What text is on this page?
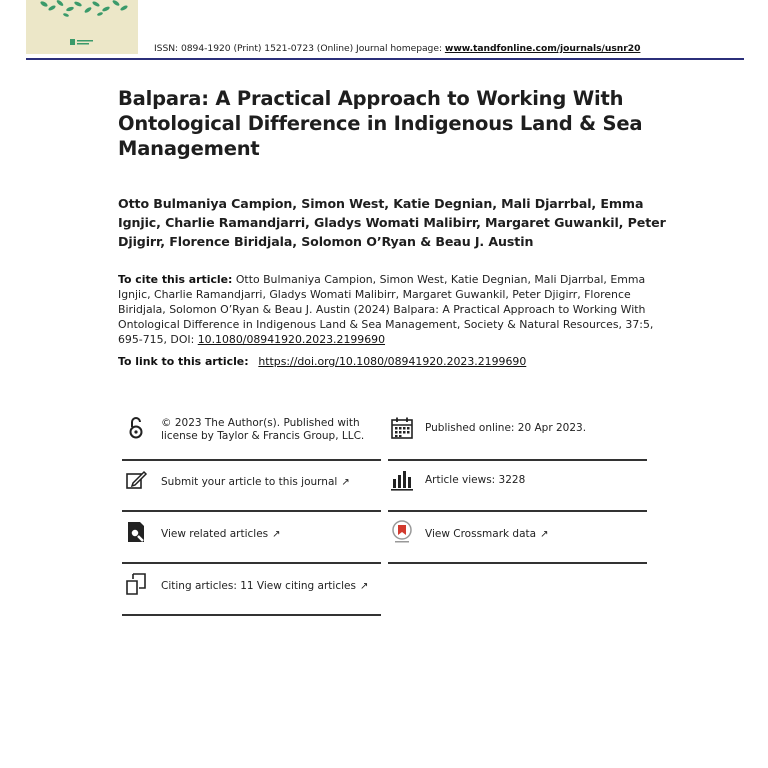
ISSN: 0894-1920 (Print) 1521-0723 (Online) Journal homepage: www.tandfonline.com/journals/usnr20
Balpara: A Practical Approach to Working With Ontological Difference in Indigenous Land & Sea Management
Otto Bulmaniya Campion, Simon West, Katie Degnian, Mali Djarrbal, Emma Ignjic, Charlie Ramandjarri, Gladys Womati Malibirr, Margaret Guwankil, Peter Djigirr, Florence Biridjala, Solomon O’Ryan & Beau J. Austin
To cite this article: Otto Bulmaniya Campion, Simon West, Katie Degnian, Mali Djarrbal, Emma Ignjic, Charlie Ramandjarri, Gladys Womati Malibirr, Margaret Guwankil, Peter Djigirr, Florence Biridjala, Solomon O’Ryan & Beau J. Austin (2024) Balpara: A Practical Approach to Working With Ontological Difference in Indigenous Land & Sea Management, Society & Natural Resources, 37:5, 695-715, DOI: 10.1080/08941920.2023.2199690
To link to this article: https://doi.org/10.1080/08941920.2023.2199690
© 2023 The Author(s). Published with
license by Taylor & Francis Group, LLC.
Submit your article to this journal ↗
View related articles ↗
Citing articles: 11 View citing articles ↗
Published online: 20 Apr 2023.
Article views: 3228
View Crossmark data ↗
